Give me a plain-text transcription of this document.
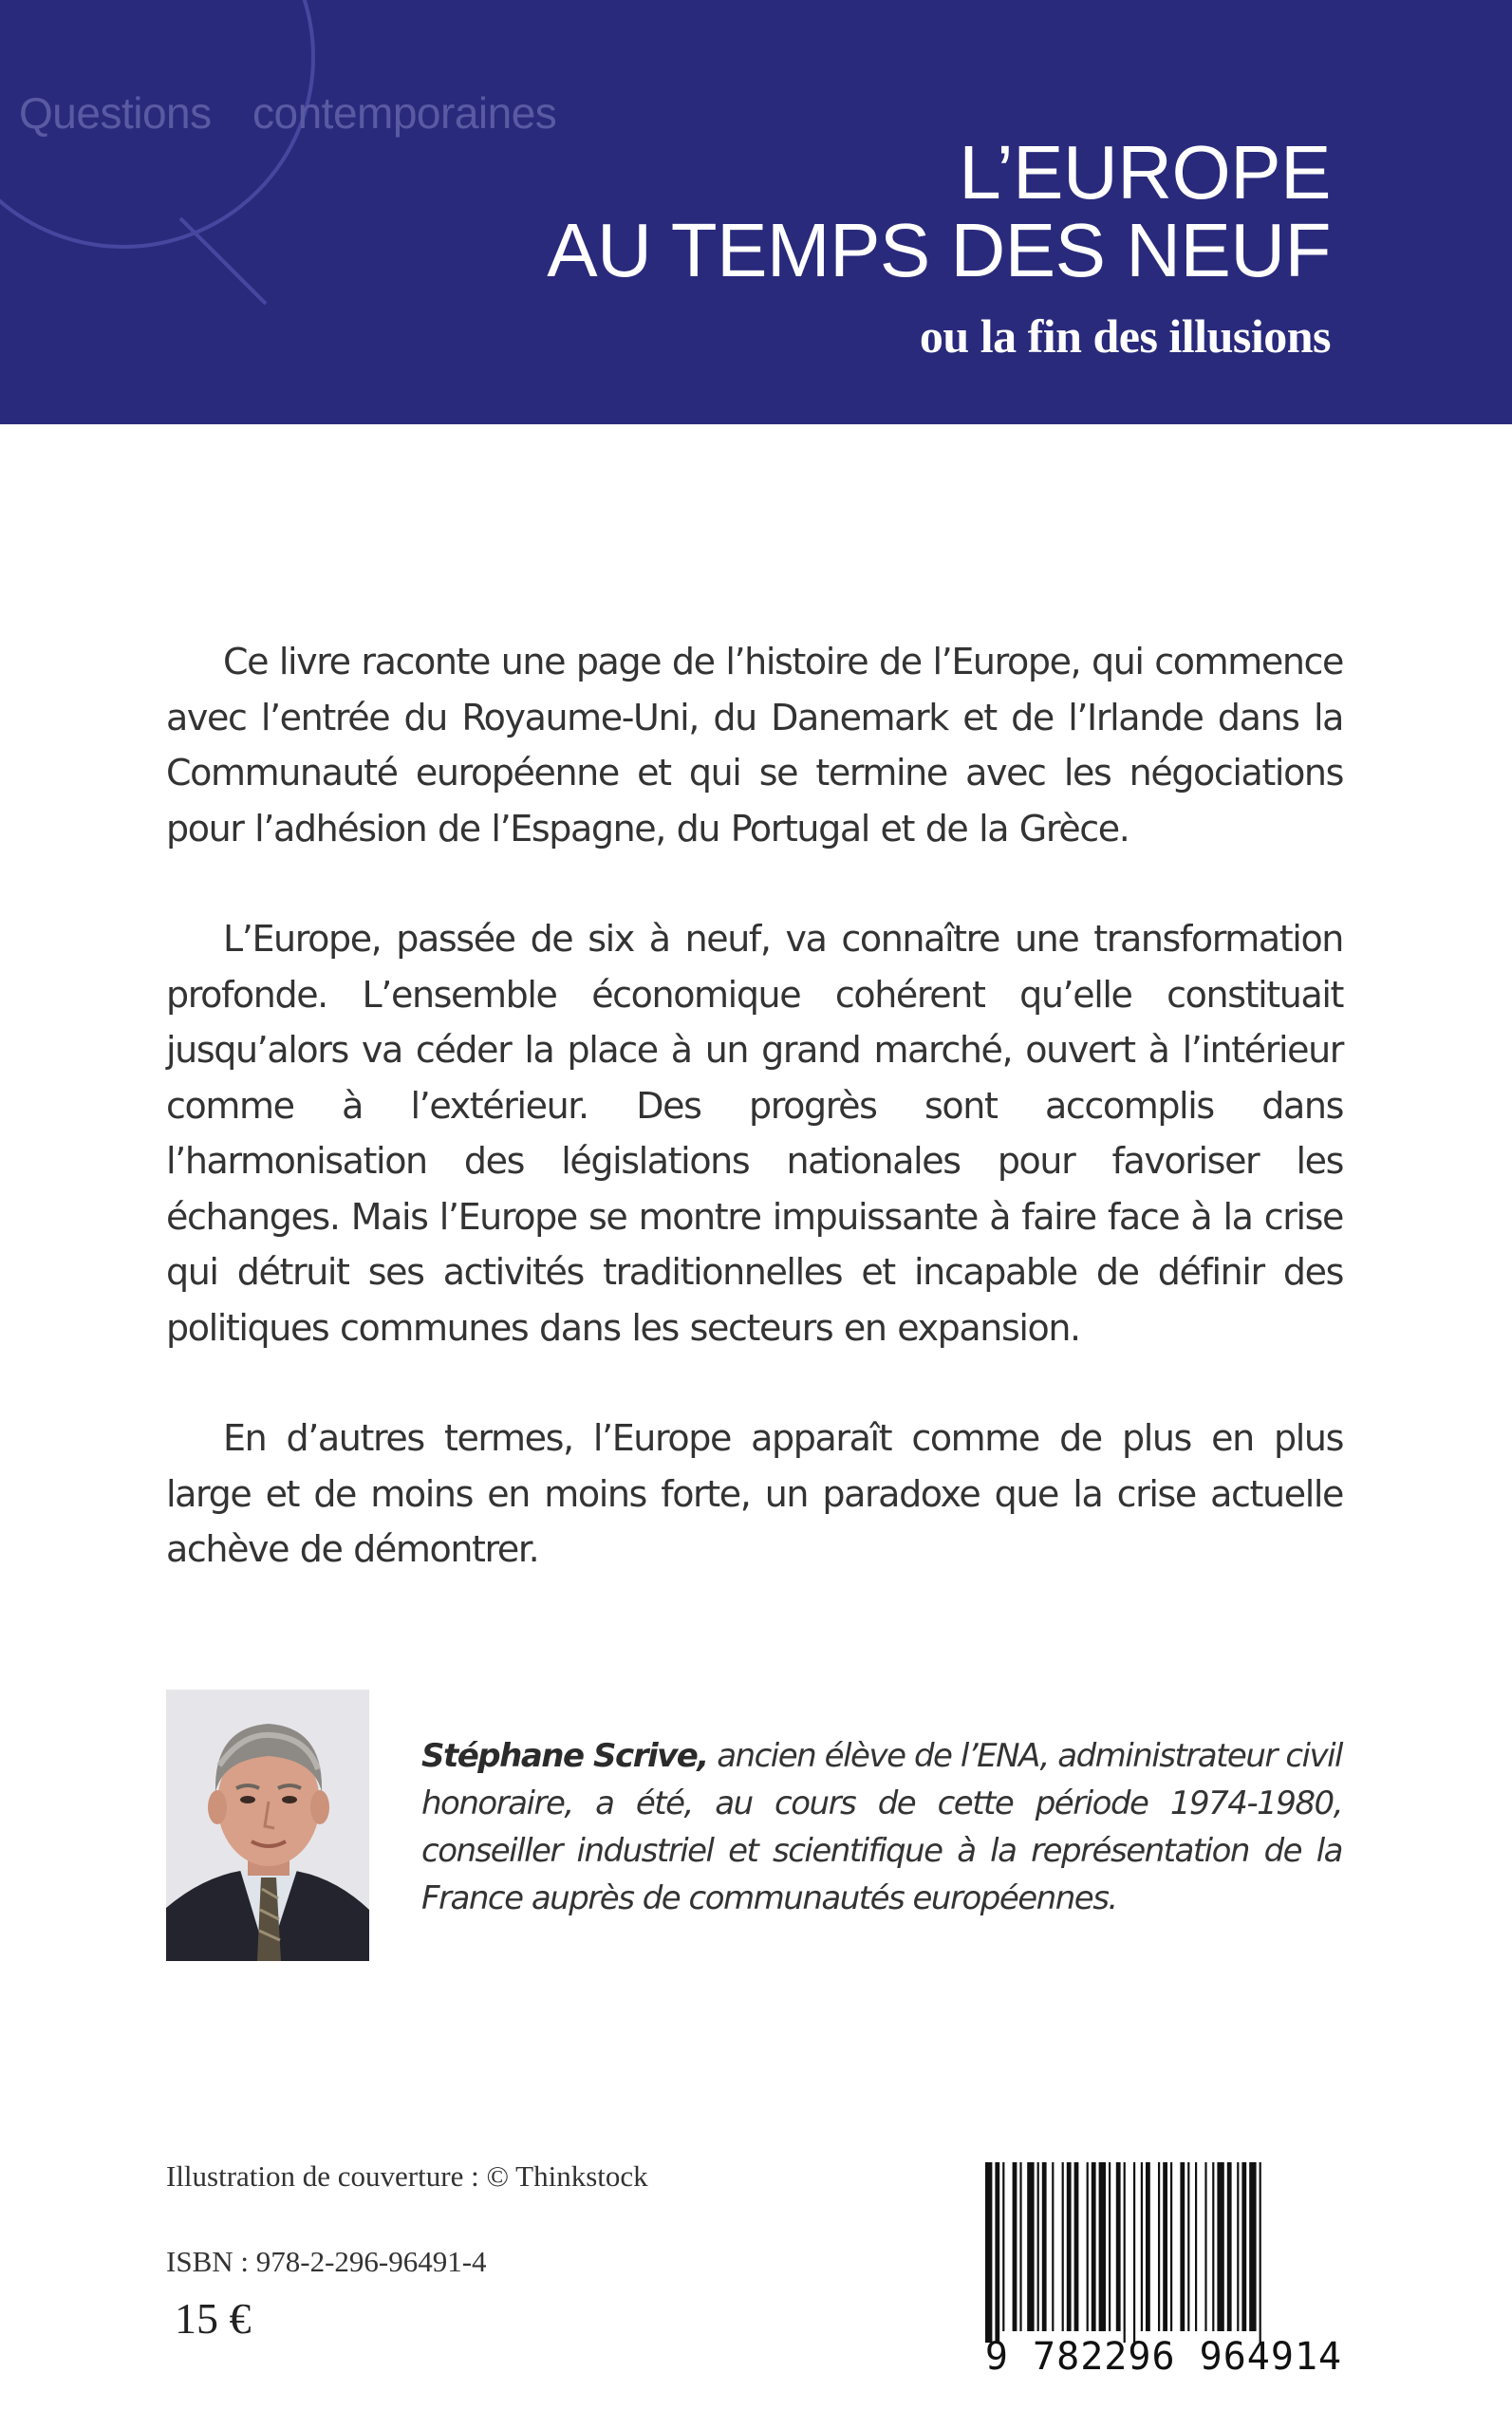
Questions contemporaines
L’EUROPE
AU TEMPS DES NEUF
ou la fin des illusions

Ce livre raconte une page de l’histoire de l’Europe, qui commence avec l’entrée du Royaume-Uni, du Danemark et de l’Irlande dans la Communauté européenne et qui se termine avec les négociations pour l’adhésion de l’Espagne, du Portugal et de la Grèce.

L’Europe, passée de six à neuf, va connaître une transformation profonde. L’ensemble économique cohérent qu’elle constituait jusqu’alors va céder la place à un grand marché, ouvert à l’intérieur comme à l’extérieur. Des progrès sont accomplis dans l’harmonisation des législations nationales pour favoriser les échanges. Mais l’Europe se montre impuissante à faire face à la crise qui détruit ses activités traditionnelles et incapable de définir des politiques communes dans les secteurs en expansion.

En d’autres termes, l’Europe apparaît comme de plus en plus large et de moins en moins forte, un paradoxe que la crise actuelle achève de démontrer.

Stéphane Scrive, ancien élève de l’ENA, administrateur civil honoraire, a été, au cours de cette période 1974-1980, conseiller industriel et scientifique à la représentation de la France auprès de communautés européennes.
Illustration de couverture : © Thinkstock
ISBN : 978-2-296-96491-4
15 €
9 782296 964914
